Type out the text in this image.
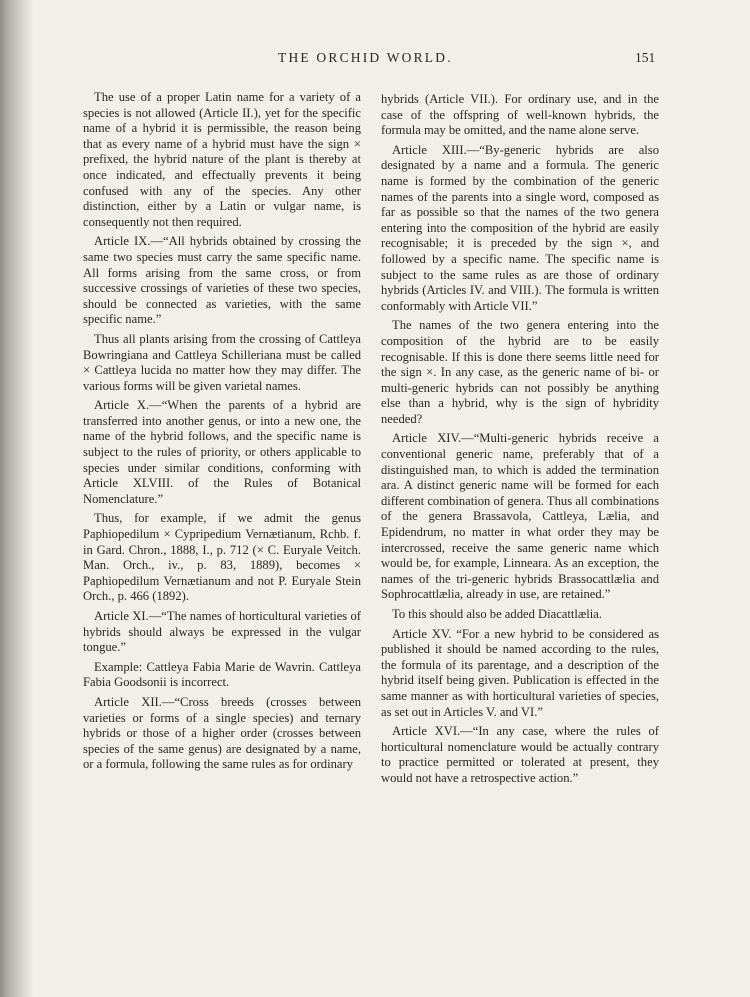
THE ORCHID WORLD.	151

The use of a proper Latin name for a variety of a species is not allowed (Article II.), yet for the specific name of a hybrid it is permissible, the reason being that as every name of a hybrid must have the sign × prefixed, the hybrid nature of the plant is thereby at once indicated, and effectually prevents it being confused with any of the species. Any other distinction, either by a Latin or vulgar name, is consequently not then required.

Article IX.—“All hybrids obtained by crossing the same two species must carry the same specific name. All forms arising from the same cross, or from successive crossings of varieties of these two species, should be connected as varieties, with the same specific name.”

Thus all plants arising from the crossing of Cattleya Bowringiana and Cattleya Schilleriana must be called × Cattleya lucida no matter how they may differ. The various forms will be given varietal names.

Article X.—“When the parents of a hybrid are transferred into another genus, or into a new one, the name of the hybrid follows, and the specific name is subject to the rules of priority, or others applicable to species under similar conditions, conforming with Article XLVIII. of the Rules of Botanical Nomenclature.”

Thus, for example, if we admit the genus Paphiopedilum × Cypripedium Vernætianum, Rchb. f. in Gard. Chron., 1888, I., p. 712 (× C. Euryale Veitch. Man. Orch., iv., p. 83, 1889), becomes × Paphiopedilum Vernætianum and not P. Euryale Stein Orch., p. 466 (1892).

Article XI.—“The names of horticultural varieties of hybrids should always be expressed in the vulgar tongue.”

Example: Cattleya Fabia Marie de Wavrin. Cattleya Fabia Goodsonii is incorrect.

Article XII.—“Cross breeds (crosses between varieties or forms of a single species) and ternary hybrids or those of a higher order (crosses between species of the same genus) are designated by a name, or a formula, following the same rules as for ordinary

hybrids (Article VII.). For ordinary use, and in the case of the offspring of well-known hybrids, the formula may be omitted, and the name alone serve.

Article XIII.—“By-generic hybrids are also designated by a name and a formula. The generic name is formed by the combination of the generic names of the parents into a single word, composed as far as possible so that the names of the two genera entering into the composition of the hybrid are easily recognisable; it is preceded by the sign ×, and followed by a specific name. The specific name is subject to the same rules as are those of ordinary hybrids (Articles IV. and VIII.). The formula is written conformably with Article VII.”

The names of the two genera entering into the composition of the hybrid are to be easily recognisable. If this is done there seems little need for the sign ×. In any case, as the generic name of bi- or multi-generic hybrids can not possibly be anything else than a hybrid, why is the sign of hybridity needed?

Article XIV.—“Multi-generic hybrids receive a conventional generic name, preferably that of a distinguished man, to which is added the termination ara. A distinct generic name will be formed for each different combination of genera. Thus all combinations of the genera Brassavola, Cattleya, Lælia, and Epidendrum, no matter in what order they may be intercrossed, receive the same generic name which would be, for example, Linneara. As an exception, the names of the tri-generic hybrids Brassocattlælia and Sophrocattlælia, already in use, are retained.”

To this should also be added Diacattlælia.

Article XV. “For a new hybrid to be considered as published it should be named according to the rules, the formula of its parentage, and a description of the hybrid itself being given. Publication is effected in the same manner as with horticultural varieties of species, as set out in Articles V. and VI.”

Article XVI.—“In any case, where the rules of horticultural nomenclature would be actually contrary to practice permitted or tolerated at present, they would not have a retrospective action.”
